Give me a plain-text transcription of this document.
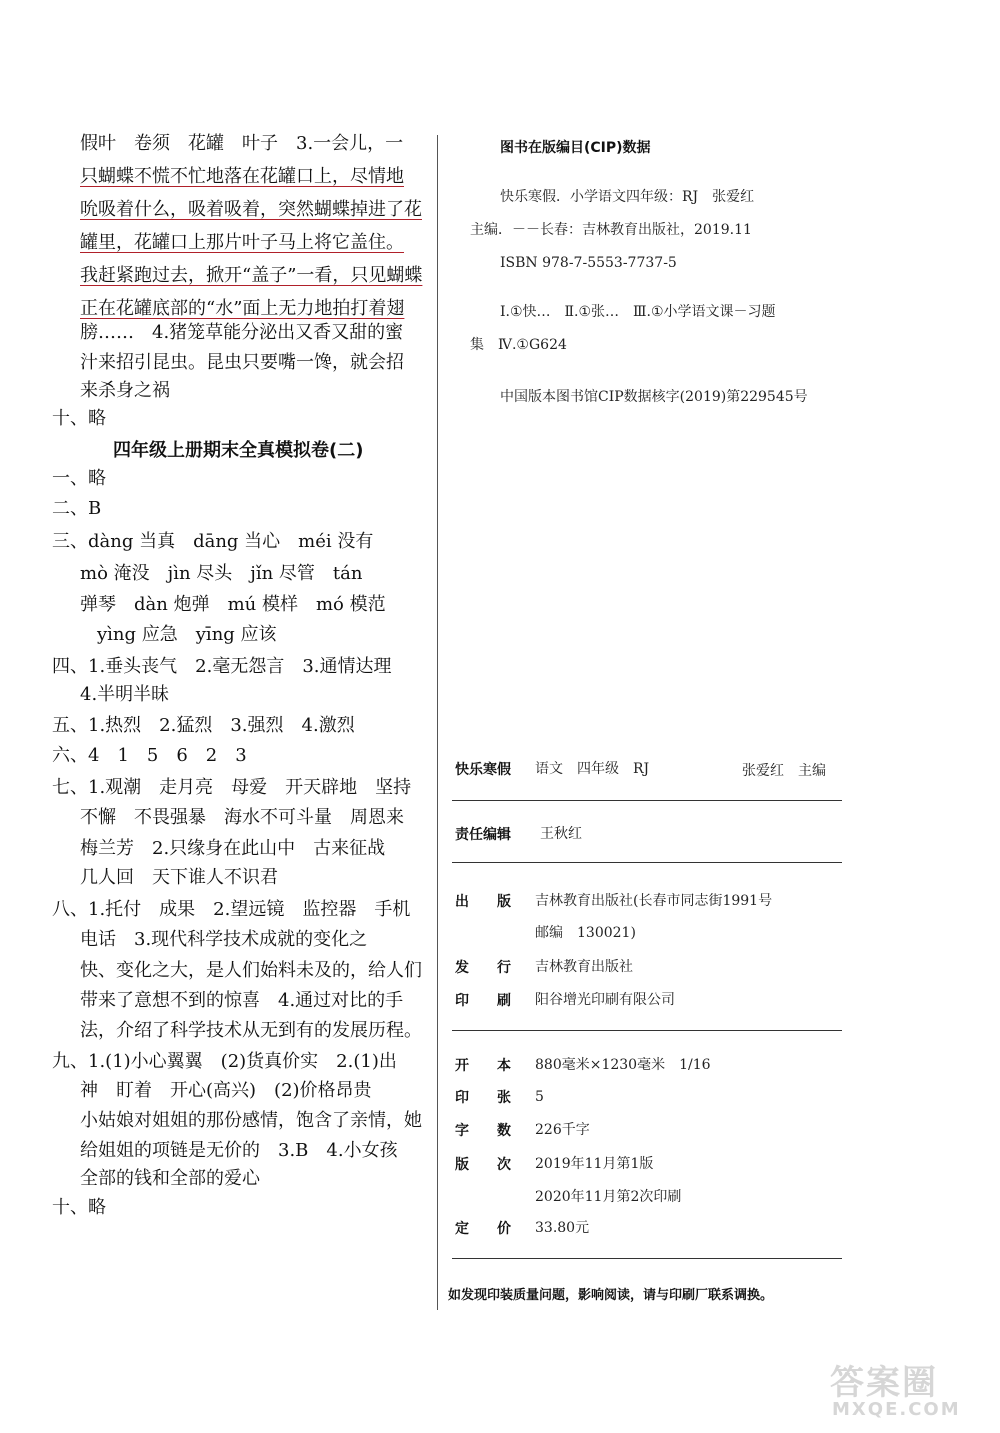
假叶　卷须　花罐　叶子　3.一会儿，一
只蝴蝶不慌不忙地落在花罐口上，尽情地
吮吸着什么，吸着吸着，突然蝴蝶掉进了花
罐里，花罐口上那片叶子马上将它盖住。
我赶紧跑过去，掀开“盖子”一看，只见蝴蝶
正在花罐底部的“水”面上无力地拍打着翅
膀……　4.猪笼草能分泌出又香又甜的蜜
汁来招引昆虫。昆虫只要嘴一馋，就会招
来杀身之祸
十、略
四年级上册期末全真模拟卷(二)
一、略
二、B
三、dàng 当真　dāng 当心　méi 没有
mò 淹没　jìn 尽头　jǐn 尽管　tán
弹琴　dàn 炮弹　mú 模样　mó 模范
yìng 应急　yīng 应该
四、1.垂头丧气　2.毫无怨言　3.通情达理
4.半明半昧
五、1.热烈　2.猛烈　3.强烈　4.激烈
六、4　1　5　6　2　3
七、1.观潮　走月亮　母爱　开天辟地　坚持
不懈　不畏强暴　海水不可斗量　周恩来
梅兰芳　2.只缘身在此山中　古来征战
几人回　天下谁人不识君
八、1.托付　成果　2.望远镜　监控器　手机
电话　3.现代科学技术成就的变化之
快、变化之大，是人们始料未及的，给人们
带来了意想不到的惊喜　4.通过对比的手
法，介绍了科学技术从无到有的发展历程。
九、1.(1)小心翼翼　(2)货真价实　2.(1)出
神　盯着　开心(高兴)　(2)价格昂贵
小姑娘对姐姐的那份感情，饱含了亲情，她
给姐姐的项链是无价的　3.B　4.小女孩
全部的钱和全部的爱心
十、略
图书在版编目(CIP)数据
快乐寒假．小学语文四年级：RJ　张爱红
主编．－－长春：吉林教育出版社，2019.11
ISBN 978-7-5553-7737-5
Ⅰ.①快…　Ⅱ.①张…　Ⅲ.①小学语文课－习题
集　Ⅳ.①G624
中国版本图书馆CIP数据核字(2019)第229545号
快乐寒假 语文　四年级　RJ	张爱红　主编
责任编辑 王秋红
出　　版 吉林教育出版社(长春市同志街1991号
邮编　130021)
发　　行 吉林教育出版社
印　　刷 阳谷增光印刷有限公司
开　　本 880毫米×1230毫米　1/16
印　　张 5
字　　数 226千字
版　　次 2019年11月第1版
2020年11月第2次印刷
定　　价 33.80元
如发现印装质量问题，影响阅读，请与印刷厂联系调换。
答案圈
MXQE.COM
